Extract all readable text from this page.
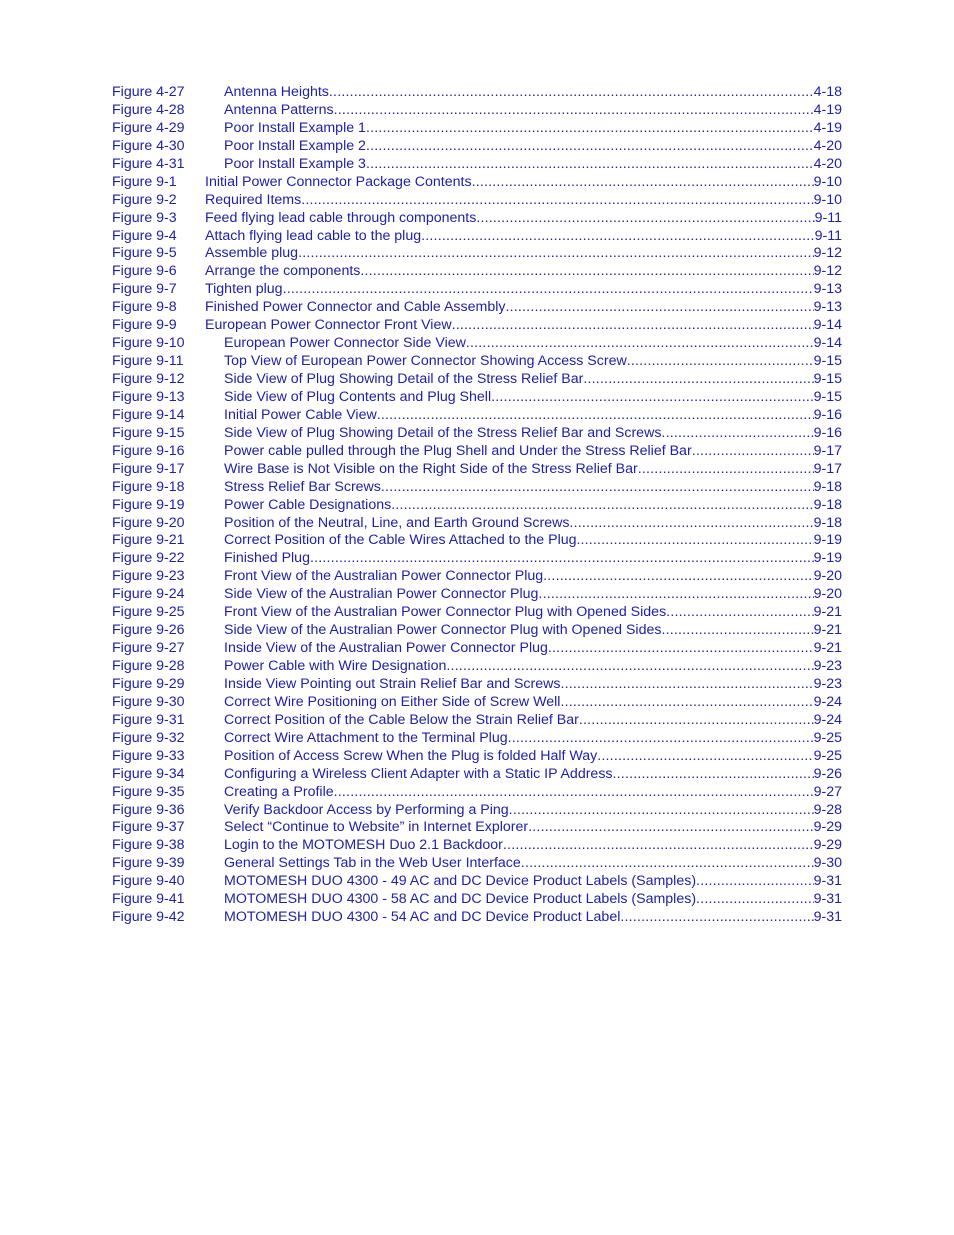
Figure 4-27	Antenna Heights .....	4-18
Figure 4-28	Antenna Patterns .....	4-19
Figure 4-29	Poor Install Example 1 .....	4-19
Figure 4-30	Poor Install Example 2 .....	4-20
Figure 4-31	Poor Install Example 3 .....	4-20
Figure 9-1 Initial Power Connector Package Contents .....	9-10
Figure 9-2 Required Items .....	9-10
Figure 9-3 Feed flying lead cable through components .....	9-11
Figure 9-4 Attach flying lead cable to the plug .....	9-11
Figure 9-5 Assemble plug .....	9-12
Figure 9-6 Arrange the components .....	9-12
Figure 9-7 Tighten plug .....	9-13
Figure 9-8 Finished Power Connector and Cable Assembly .....	9-13
Figure 9-9 European Power Connector Front View .....	9-14
Figure 9-10	European Power Connector Side View .....	9-14
Figure 9-11	Top View of European Power Connector Showing Access Screw .....	9-15
Figure 9-12	Side View of Plug Showing Detail of the Stress Relief Bar .....	9-15
Figure 9-13	Side View of Plug Contents and Plug Shell .....	9-15
Figure 9-14	Initial Power Cable View .....	9-16
Figure 9-15	Side View of Plug Showing Detail of the Stress Relief Bar and Screws .....	9-16
Figure 9-16	Power cable pulled through the Plug Shell and Under the Stress Relief Bar .....	9-17
Figure 9-17	Wire Base is Not Visible on the Right Side of the Stress Relief Bar .....	9-17
Figure 9-18	Stress Relief Bar Screws .....	9-18
Figure 9-19	Power Cable Designations .....	9-18
Figure 9-20	Position of the Neutral, Line, and Earth Ground Screws .....	9-18
Figure 9-21	Correct Position of the Cable Wires Attached to the Plug. .....	9-19
Figure 9-22	Finished Plug .....	9-19
Figure 9-23	Front View of the Australian Power Connector Plug .....	9-20
Figure 9-24	Side View of the Australian Power Connector Plug .....	9-20
Figure 9-25	Front View of the Australian Power Connector Plug with Opened Sides .....	9-21
Figure 9-26	Side View of the Australian Power Connector Plug with Opened Sides .....	9-21
Figure 9-27	Inside View of the Australian Power Connector Plug .....	9-21
Figure 9-28	Power Cable with Wire Designation .....	9-23
Figure 9-29	Inside View Pointing out Strain Relief Bar and Screws .....	9-23
Figure 9-30	Correct Wire Positioning on Either Side of Screw Well .....	9-24
Figure 9-31	Correct Position of the Cable Below the Strain Relief Bar .....	9-24
Figure 9-32	Correct Wire Attachment to the Terminal Plug .....	9-25
Figure 9-33	Position of Access Screw When the Plug is folded Half Way .....	9-25
Figure 9-34	Configuring a Wireless Client Adapter with a Static IP Address .....	9-26
Figure 9-35	Creating a Profile .....	9-27
Figure 9-36	Verify Backdoor Access by Performing a Ping .....	9-28
Figure 9-37	Select “Continue to Website” in Internet Explorer .....	9-29
Figure 9-38	Login to the MOTOMESH Duo 2.1 Backdoor .....	9-29
Figure 9-39	General Settings Tab in the Web User Interface .....	9-30
Figure 9-40	MOTOMESH DUO 4300 - 49 AC and DC Device Product Labels (Samples) .....	9-31
Figure 9-41	MOTOMESH DUO 4300 - 58 AC and DC Device Product Labels (Samples) .....	9-31
Figure 9-42	MOTOMESH DUO 4300 - 54 AC and DC Device Product Label .....	9-31
